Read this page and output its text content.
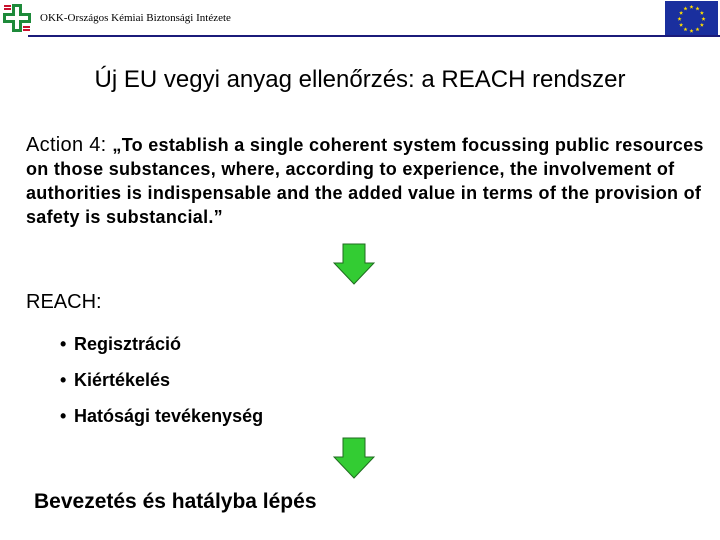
OKK-Országos Kémiai Biztonsági Intézete
Új EU vegyi anyag ellenőrzés: a REACH rendszer
Action 4: „To establish a single coherent system focussing public resources on those substances, where, according to experience, the involvement of authorities is indispensable and the added value in terms of the provision of safety is substancial.”
REACH:
• Regisztráció
• Kiértékelés
• Hatósági tevékenység
Bevezetés és hatályba lépés
